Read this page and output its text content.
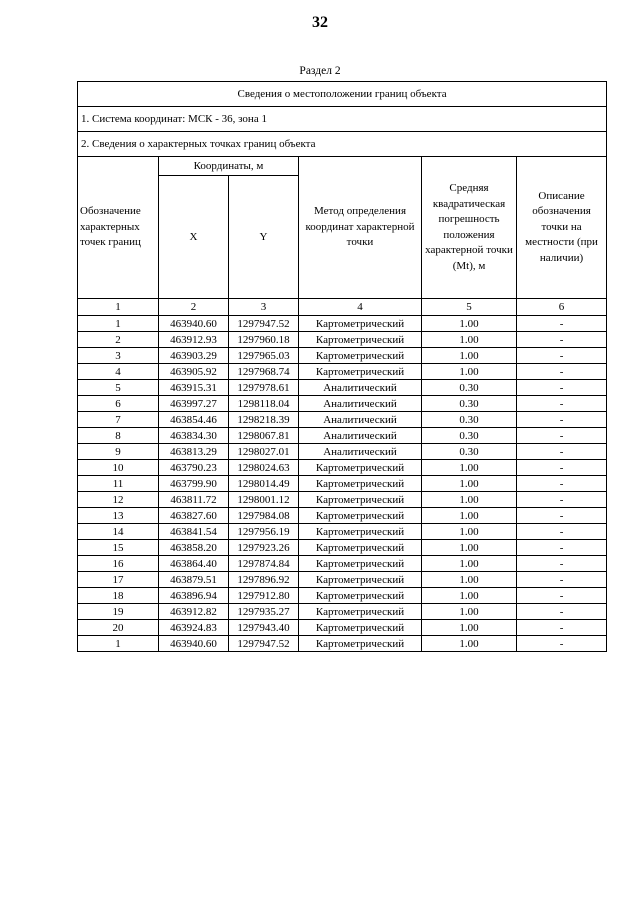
32
Раздел 2
Сведения о местоположении границ объекта					
1. Система координат: МСК - 36, зона 1					
2. Сведения о характерных точках границ объекта					
Обозначение характерных точек границ	Координаты, м		Метод определения координат характерной точки	Средняя квадратическая погрешность положения характерной точки (Mt), м	Описание обозначения точки на местности (при наличии)
	X	Y			
1	2	3	4	5	6
1	463940.60	1297947.52	Картометрический	1.00	-
2	463912.93	1297960.18	Картометрический	1.00	-
3	463903.29	1297965.03	Картометрический	1.00	-
4	463905.92	1297968.74	Картометрический	1.00	-
5	463915.31	1297978.61	Аналитический	0.30	-
6	463997.27	1298118.04	Аналитический	0.30	-
7	463854.46	1298218.39	Аналитический	0.30	-
8	463834.30	1298067.81	Аналитический	0.30	-
9	463813.29	1298027.01	Аналитический	0.30	-
10	463790.23	1298024.63	Картометрический	1.00	-
11	463799.90	1298014.49	Картометрический	1.00	-
12	463811.72	1298001.12	Картометрический	1.00	-
13	463827.60	1297984.08	Картометрический	1.00	-
14	463841.54	1297956.19	Картометрический	1.00	-
15	463858.20	1297923.26	Картометрический	1.00	-
16	463864.40	1297874.84	Картометрический	1.00	-
17	463879.51	1297896.92	Картометрический	1.00	-
18	463896.94	1297912.80	Картометрический	1.00	-
19	463912.82	1297935.27	Картометрический	1.00	-
20	463924.83	1297943.40	Картометрический	1.00	-
1	463940.60	1297947.52	Картометрический	1.00	-
